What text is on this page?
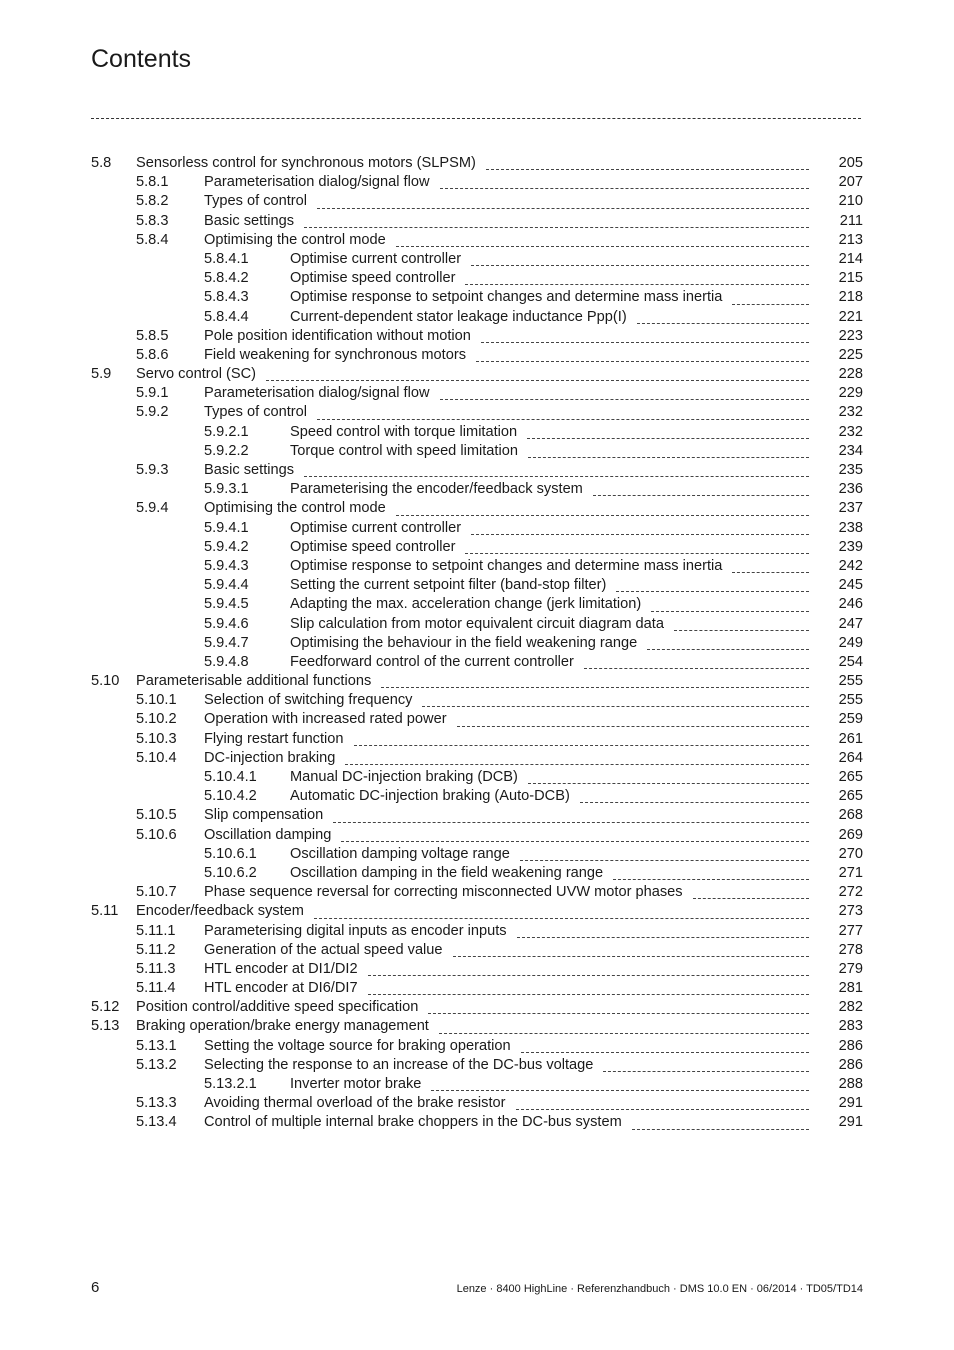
Contents
5.8 Sensorless control for synchronous motors (SLPSM)	205
5.8.1 Parameterisation dialog/signal flow	207
5.8.2 Types of control	210
5.8.3 Basic settings	211
5.8.4 Optimising the control mode	213
5.8.4.1	Optimise current controller	214
5.8.4.2	Optimise speed controller	215
5.8.4.3	Optimise response to setpoint changes and determine mass inertia	218
5.8.4.4	Current-dependent stator leakage inductance Ppp(I)	221
5.8.5 Pole position identification without motion	223
5.8.6 Field weakening for synchronous motors	225
5.9 Servo control (SC)	228
5.9.1 Parameterisation dialog/signal flow	229
5.9.2 Types of control	232
5.9.2.1	Speed control with torque limitation	232
5.9.2.2	Torque control with speed limitation	234
5.9.3 Basic settings	235
5.9.3.1	Parameterising the encoder/feedback system	236
5.9.4 Optimising the control mode	237
5.9.4.1	Optimise current controller	238
5.9.4.2	Optimise speed controller	239
5.9.4.3	Optimise response to setpoint changes and determine mass inertia	242
5.9.4.4	Setting the current setpoint filter (band-stop filter)	245
5.9.4.5	Adapting the max. acceleration change (jerk limitation)	246
5.9.4.6	Slip calculation from motor equivalent circuit diagram data	247
5.9.4.7	Optimising the behaviour in the field weakening range	249
5.9.4.8	Feedforward control of the current controller	254
5.10 Parameterisable additional functions	255
5.10.1 Selection of switching frequency	255
5.10.2 Operation with increased rated power	259
5.10.3 Flying restart function	261
5.10.4 DC-injection braking	264
5.10.4.1 Manual DC-injection braking (DCB)	265
5.10.4.2 Automatic DC-injection braking (Auto-DCB)	265
5.10.5 Slip compensation	268
5.10.6 Oscillation damping	269
5.10.6.1 Oscillation damping voltage range	270
5.10.6.2 Oscillation damping in the field weakening range	271
5.10.7 Phase sequence reversal for correcting misconnected UVW motor phases	272
5.11 Encoder/feedback system	273
5.11.1 Parameterising digital inputs as encoder inputs	277
5.11.2 Generation of the actual speed value	278
5.11.3 HTL encoder at DI1/DI2	279
5.11.4 HTL encoder at DI6/DI7	281
5.12 Position control/additive speed specification	282
5.13 Braking operation/brake energy management	283
5.13.1 Setting the voltage source for braking operation	286
5.13.2 Selecting the response to an increase of the DC-bus voltage	286
5.13.2.1 Inverter motor brake	288
5.13.3 Avoiding thermal overload of the brake resistor	291
5.13.4 Control of multiple internal brake choppers in the DC-bus system	291
6	Lenze · 8400 HighLine · Referenzhandbuch · DMS 10.0 EN · 06/2014 · TD05/TD14
